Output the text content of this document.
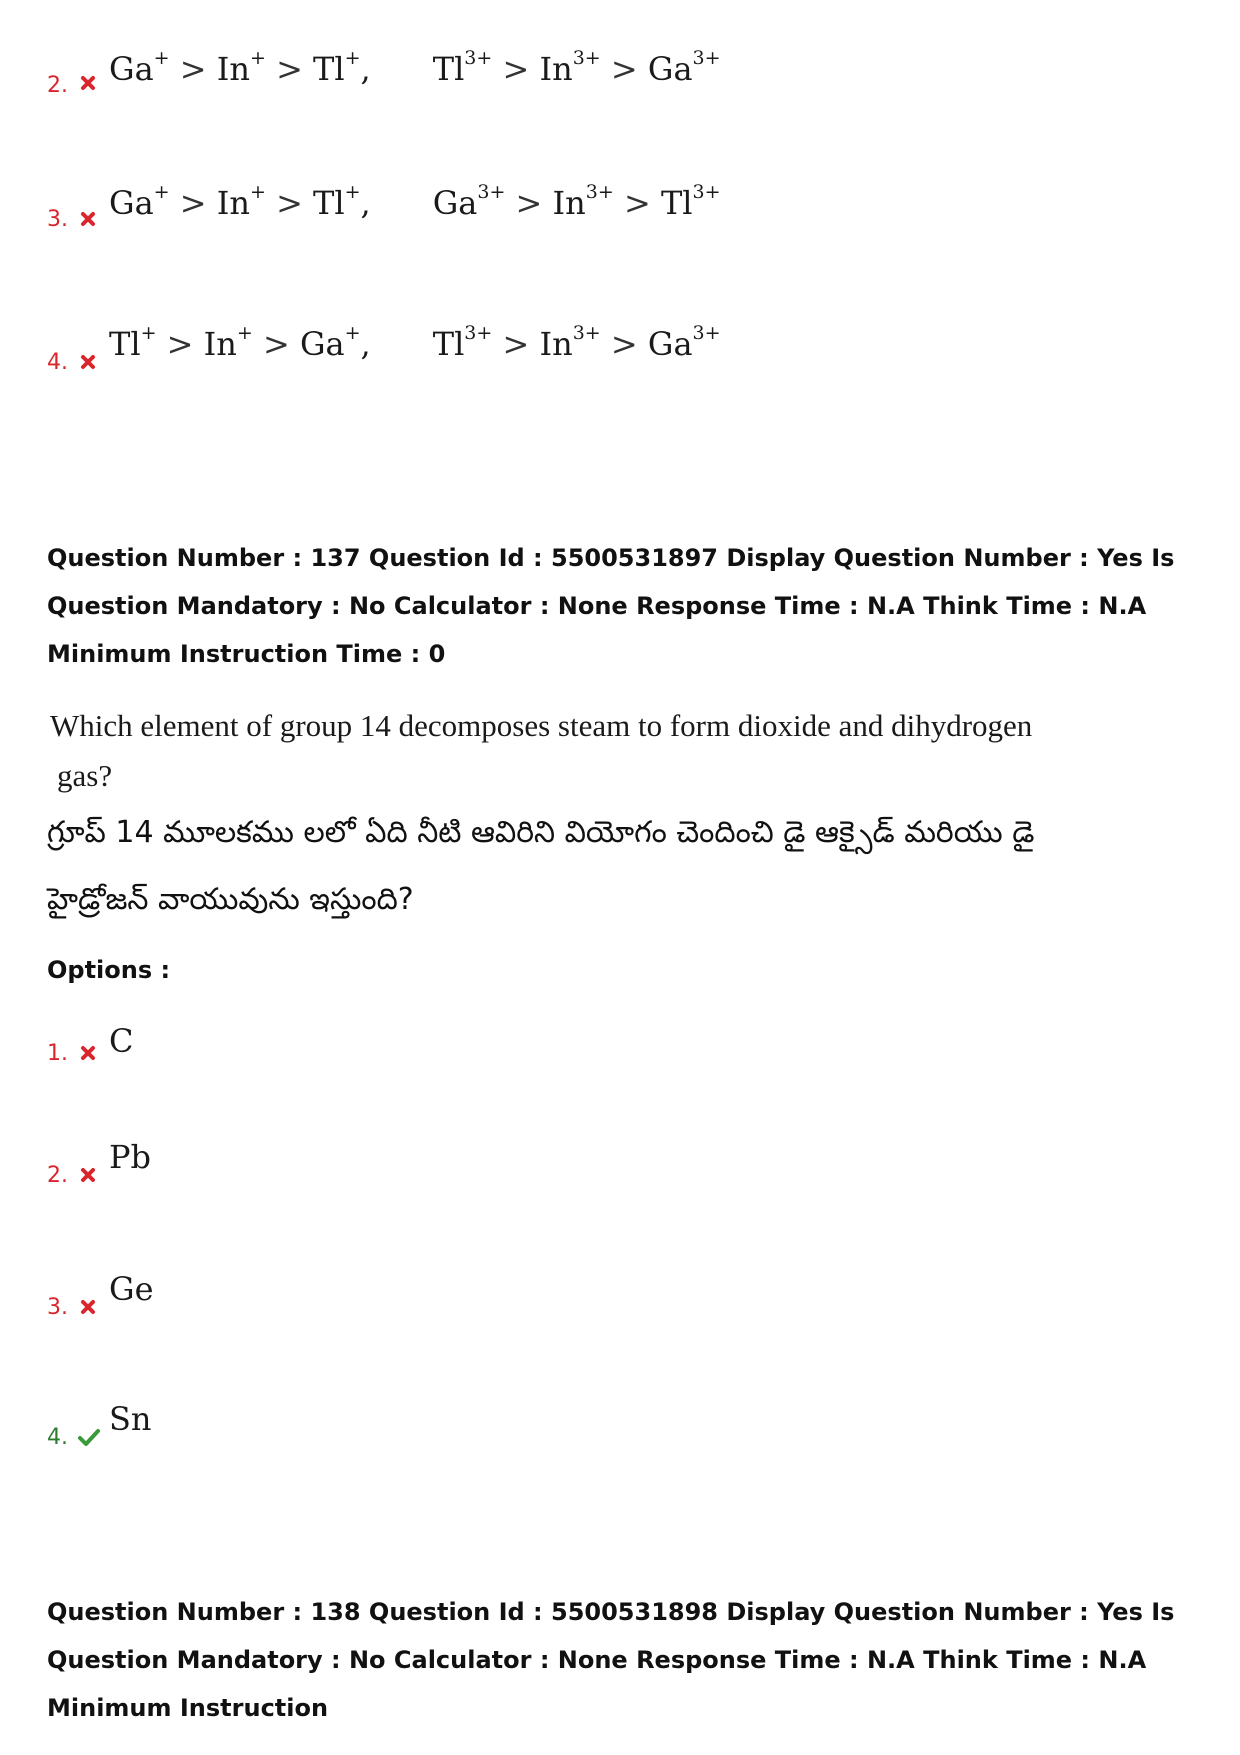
2. Ga+ > In+ > Tl+, $Tl^{3+} > In^{3+} > Ga^{3+}$
3. Ga+ > In+ > Tl+, $Ga^{3+} > In^{3+} > Tl^{3+}$
4. Tl+ > In+ > Ga+, $Tl^{3+} > In^{3+} > Ga^{3+}$
Question Number : 137 Question Id : 5500531897 Display Question Number : Yes Is Question Mandatory : No Calculator : None Response Time : N.A Think Time : N.A Minimum Instruction Time : 0
Which element of group 14 decomposes steam to form dioxide and dihydrogen
gas?
గ్రూప్ 14 మూలకము లలో ఏది నీటి ఆవిరిని వియోగం చెందించి డై ఆక్సైడ్ మరియు డై
హైడ్రోజన్ వాయువును ఇస్తుంది?
Options :
1. C
2. Pb
3. Ge
4. Sn
Question Number : 138 Question Id : 5500531898 Display Question Number : Yes Is Question Mandatory : No Calculator : None Response Time : N.A Think Time : N.A Minimum Instruction
